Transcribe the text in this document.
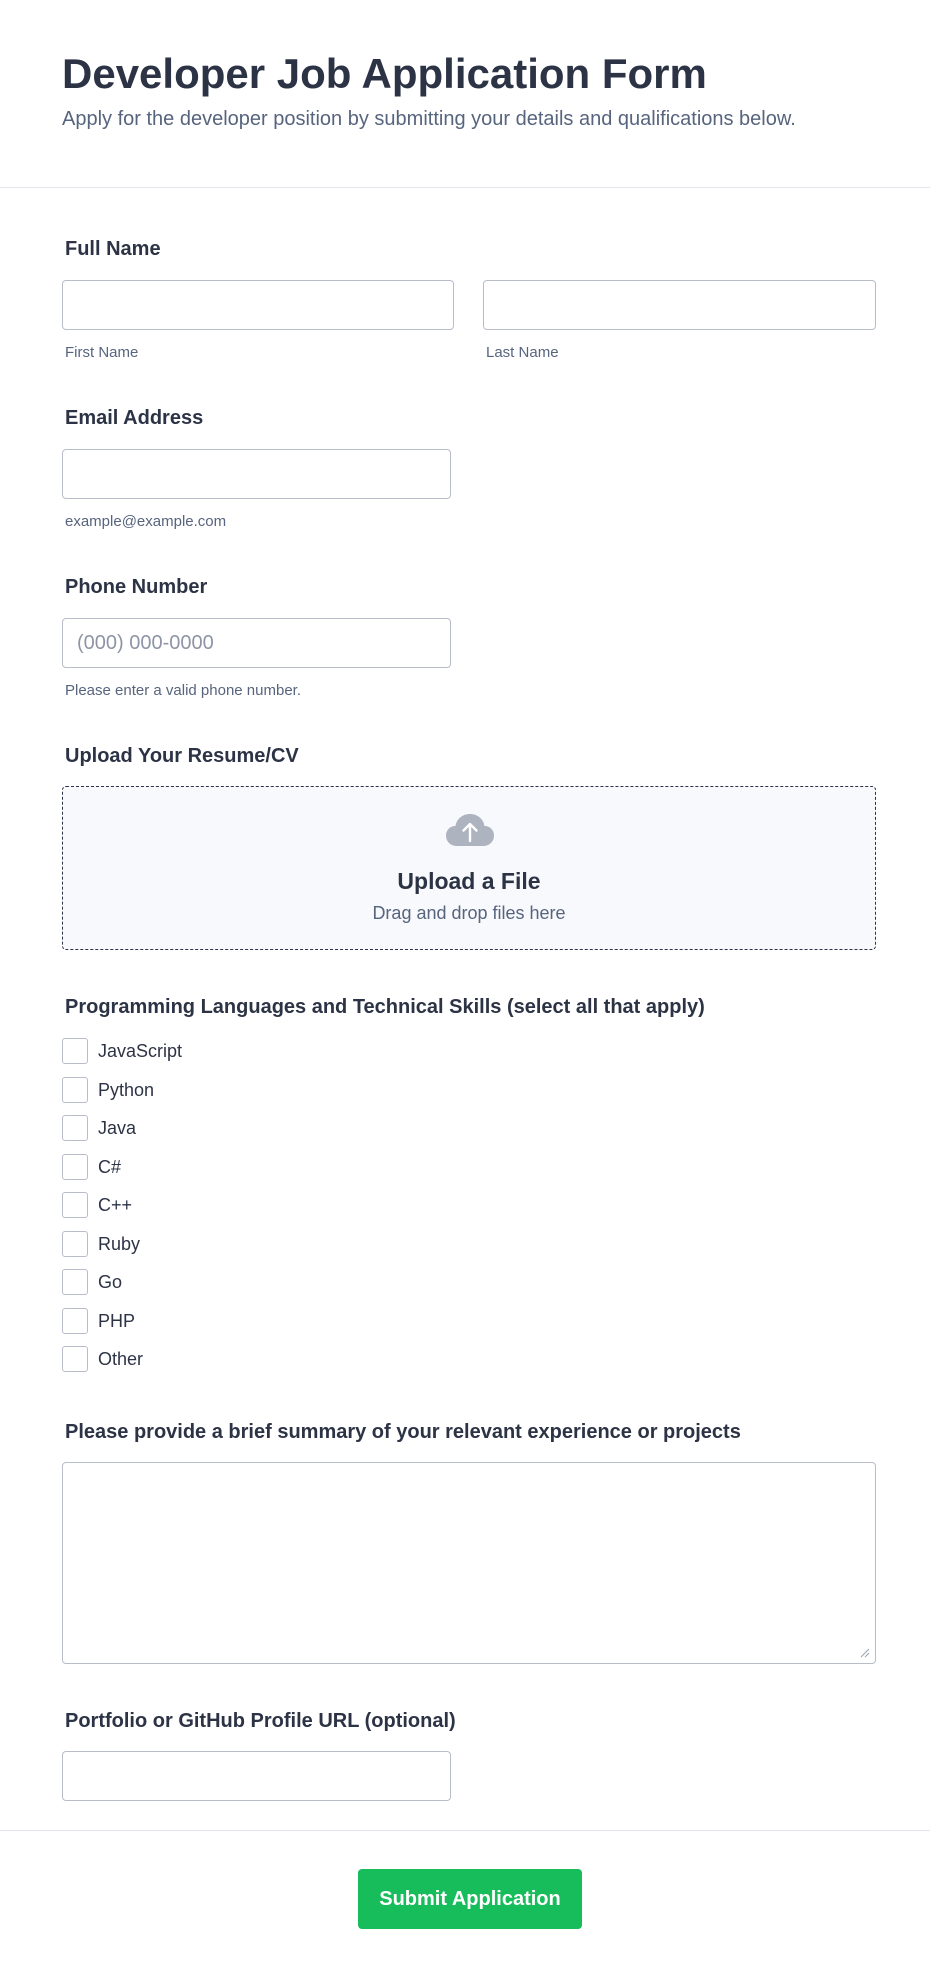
Developer Job Application Form

Apply for the developer position by submitting your details and qualifications below.

Full Name
First Name	Last Name
Email Address
example@example.com
Phone Number
(000) 000-0000
Please enter a valid phone number.
Upload Your Resume/CV
Upload a File
Drag and drop files here
Programming Languages and Technical Skills (select all that apply)
JavaScript
Python
Java
C#
C++
Ruby
Go
PHP
Other
Please provide a brief summary of your relevant experience or projects
Portfolio or GitHub Profile URL (optional)
Submit Application
